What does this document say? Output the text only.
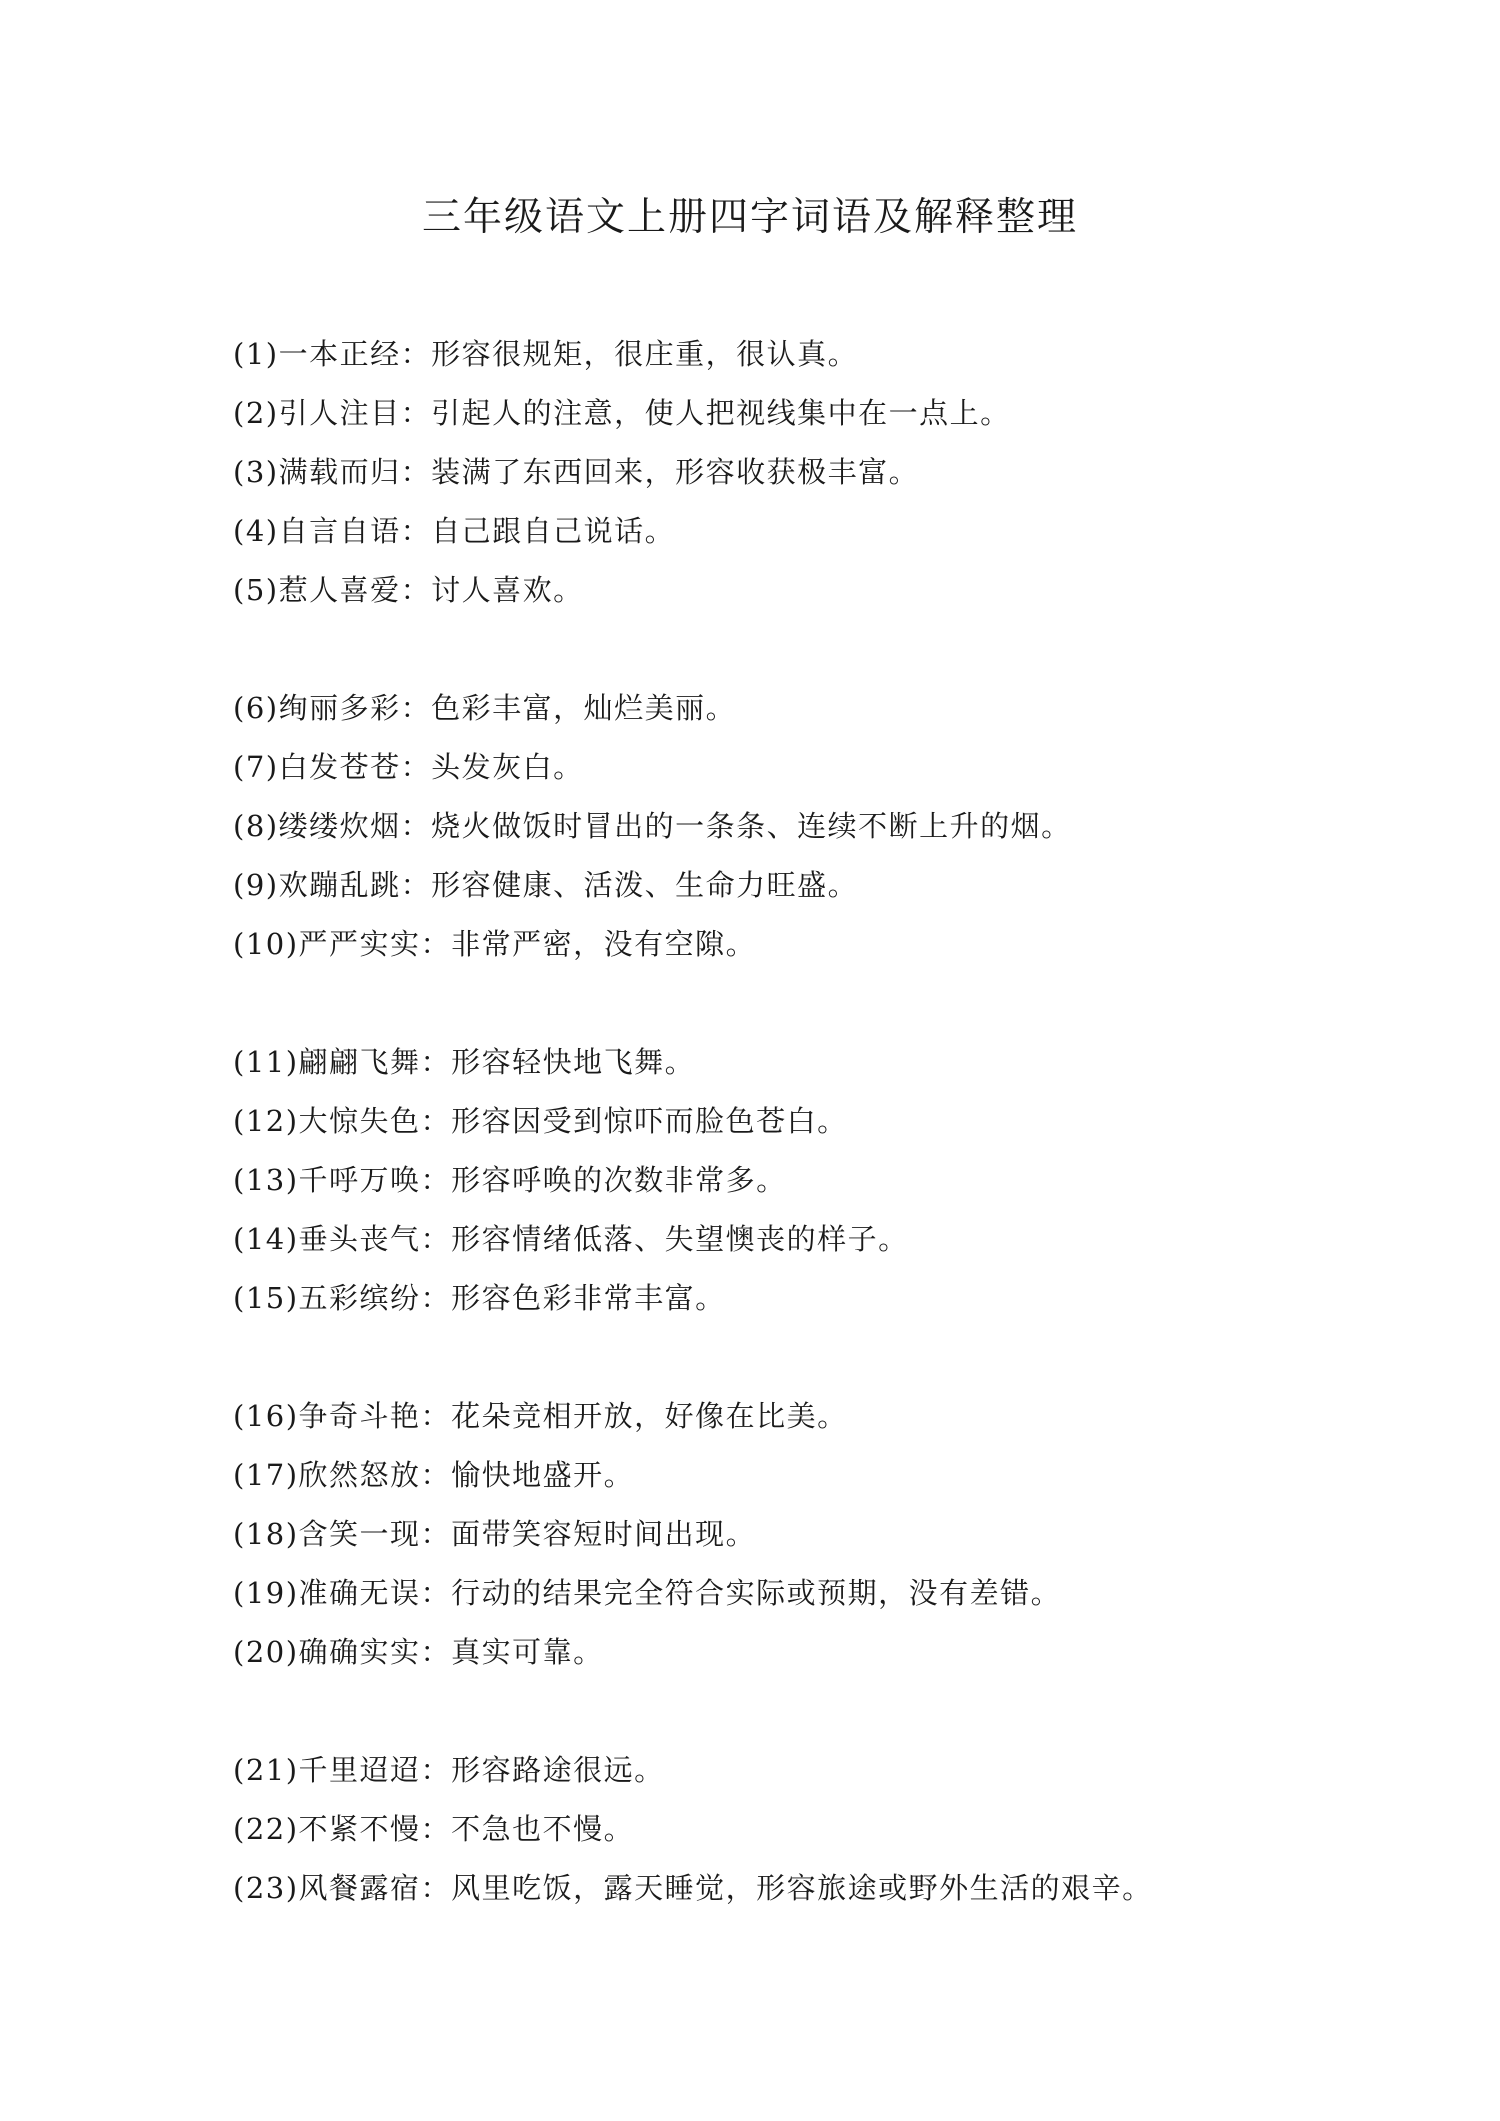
三年级语文上册四字词语及解释整理
(1)一本正经：形容很规矩，很庄重，很认真。
(2)引人注目：引起人的注意，使人把视线集中在一点上。
(3)满载而归：装满了东西回来，形容收获极丰富。
(4)自言自语：自己跟自己说话。
(5)惹人喜爱：讨人喜欢。
(6)绚丽多彩：色彩丰富，灿烂美丽。
(7)白发苍苍：头发灰白。
(8)缕缕炊烟：烧火做饭时冒出的一条条、连续不断上升的烟。
(9)欢蹦乱跳：形容健康、活泼、生命力旺盛。
(10)严严实实：非常严密，没有空隙。
(11)翩翩飞舞：形容轻快地飞舞。
(12)大惊失色：形容因受到惊吓而脸色苍白。
(13)千呼万唤：形容呼唤的次数非常多。
(14)垂头丧气：形容情绪低落、失望懊丧的样子。
(15)五彩缤纷：形容色彩非常丰富。
(16)争奇斗艳：花朵竞相开放，好像在比美。
(17)欣然怒放：愉快地盛开。
(18)含笑一现：面带笑容短时间出现。
(19)准确无误：行动的结果完全符合实际或预期，没有差错。
(20)确确实实：真实可靠。
(21)千里迢迢：形容路途很远。
(22)不紧不慢：不急也不慢。
(23)风餐露宿：风里吃饭，露天睡觉，形容旅途或野外生活的艰辛。
